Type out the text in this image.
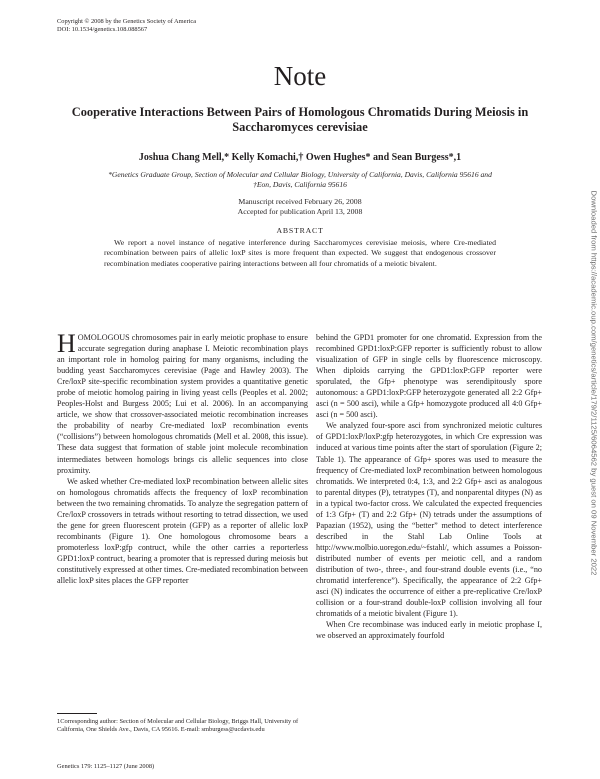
Copyright © 2008 by the Genetics Society of America
DOI: 10.1534/genetics.108.088567
Note
Cooperative Interactions Between Pairs of Homologous Chromatids During Meiosis in Saccharomyces cerevisiae
Joshua Chang Mell,* Kelly Komachi,† Owen Hughes* and Sean Burgess*,1
*Genetics Graduate Group, Section of Molecular and Cellular Biology, University of California, Davis, California 95616 and
†Eon, Davis, California 95616
Manuscript received February 26, 2008
Accepted for publication April 13, 2008
ABSTRACT
We report a novel instance of negative interference during Saccharomyces cerevisiae meiosis, where Cre-mediated recombination between pairs of allelic loxP sites is more frequent than expected. We suggest that endogenous crossover recombination mediates cooperative pairing interactions between all four chromatids of a meiotic bivalent.

HOMOLOGOUS chromosomes pair in early meiotic prophase to ensure accurate segregation during anaphase I. Meiotic recombination plays an important role in homolog pairing for many organisms, including the budding yeast Saccharomyces cerevisiae (Page and Hawley 2003). The Cre/loxP site-specific recombination system provides a quantitative genetic probe of meiotic homolog pairing in living yeast cells (Peoples et al. 2002; Peoples-Holst and Burgess 2005; Lui et al. 2006). In an accompanying article, we show that crossover-associated meiotic recombination increases the probability of nearby Cre-mediated loxP recombination events (“collisions”) between homologous chromatids (Mell et al. 2008, this issue). These data suggest that formation of stable joint molecule recombination intermediates between homologs brings cis allelic sequences into close proximity.

We asked whether Cre-mediated loxP recombination between allelic sites on homologous chromatids affects the frequency of loxP recombination between the two remaining chromatids. To analyze the segregation pattern of Cre/loxP crossovers in tetrads without resorting to tetrad dissection, we used the gene for green fluorescent protein (GFP) as a reporter of allelic loxP recombinants (Figure 1). One homologous chromosome bears a promoterless loxP:gfp contruct, while the other carries a reporterless GPD1:loxP contruct, bearing a promoter that is repressed during meiosis but constitutively expressed at other times. Cre-mediated recombination between allelic loxP sites places the GFP reporter

behind the GPD1 promoter for one chromatid. Expression from the recombined GPD1:loxP:GFP reporter is sufficiently robust to allow visualization of GFP in single cells by fluorescence microscopy. When diploids carrying the GPD1:loxP:GFP reporter were sporulated, the Gfp+ phenotype was serendipitously spore autonomous: a GPD1:loxP:GFP heterozygote generated all 2:2 Gfp+ asci (n = 500 asci), while a Gfp+ homozygote produced all 4:0 Gfp+ asci (n = 500 asci).

We analyzed four-spore asci from synchronized meiotic cultures of GPD1:loxP/loxP:gfp heterozygotes, in which Cre expression was induced at various time points after the start of sporulation (Figure 2; Table 1). The appearance of Gfp+ spores was used to measure the frequency of Cre-mediated loxP recombination between homologous chromatids. We interpreted 0:4, 1:3, and 2:2 Gfp+ asci as analogous to parental ditypes (P), tetratypes (T), and nonparental ditypes (N) as in a typical two-factor cross. We calculated the expected frequencies of 1:3 Gfp+ (T) and 2:2 Gfp+ (N) tetrads under the assumptions of Papazian (1952), using the “better” method to detect interference described in the Stahl Lab Online Tools at http://www.molbio.uoregon.edu/~fstahl/, which assumes a Poisson-distributed number of events per meiotic cell, and a random distribution of two-, three-, and four-strand double events (i.e., “no chromatid interference”). Specifically, the appearance of 2:2 Gfp+ asci (N) indicates the occurrence of either a pre-replicative Cre/loxP collision or a four-strand double-loxP collision involving all four chromatids of a meiotic bivalent (Figure 1).

When Cre recombinase was induced early in meiotic prophase I, we observed an approximately fourfold

1Corresponding author: Section of Molecular and Cellular Biology, Briggs Hall, University of California, One Shields Ave., Davis, CA 95616. E-mail: smburgess@ucdavis.edu
Genetics 179: 1125–1127 (June 2008)
Downloaded from https://academic.oup.com/genetics/article/179/2/1125/6064562 by guest on 09 November 2022
